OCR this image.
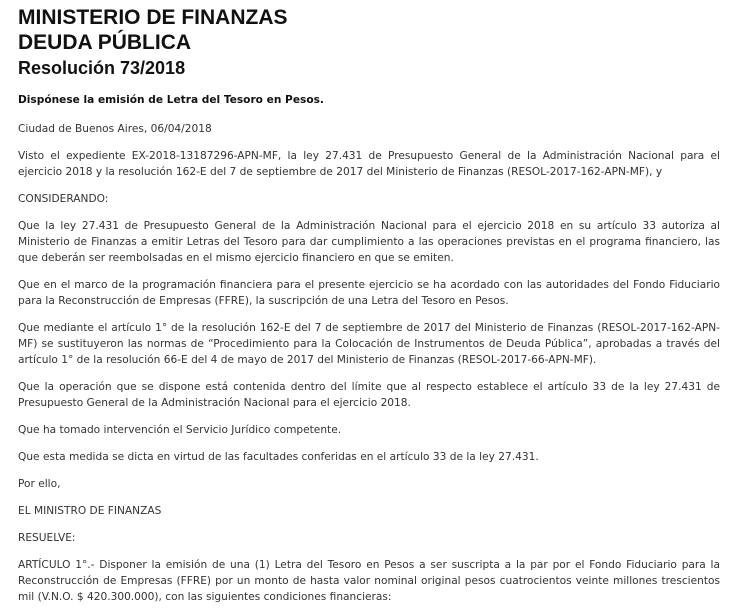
MINISTERIO DE FINANZAS
DEUDA PÚBLICA
Resolución 73/2018

Dispónese la emisión de Letra del Tesoro en Pesos.

Ciudad de Buenos Aires, 06/04/2018

Visto el expediente EX-2018-13187296-APN-MF, la ley 27.431 de Presupuesto General de la Administración Nacional para el ejercicio 2018 y la resolución 162-E del 7 de septiembre de 2017 del Ministerio de Finanzas (RESOL-2017-162-APN-MF), y

CONSIDERANDO:

Que la ley 27.431 de Presupuesto General de la Administración Nacional para el ejercicio 2018 en su artículo 33 autoriza al Ministerio de Finanzas a emitir Letras del Tesoro para dar cumplimiento a las operaciones previstas en el programa financiero, las que deberán ser reembolsadas en el mismo ejercicio financiero en que se emiten.

Que en el marco de la programación financiera para el presente ejercicio se ha acordado con las autoridades del Fondo Fiduciario para la Reconstrucción de Empresas (FFRE), la suscripción de una Letra del Tesoro en Pesos.

Que mediante el artículo 1° de la resolución 162-E del 7 de septiembre de 2017 del Ministerio de Finanzas (RESOL-2017-162-APN-MF) se sustituyeron las normas de “Procedimiento para la Colocación de Instrumentos de Deuda Pública”, aprobadas a través del artículo 1° de la resolución 66-E del 4 de mayo de 2017 del Ministerio de Finanzas (RESOL-2017-66-APN-MF).

Que la operación que se dispone está contenida dentro del límite que al respecto establece el artículo 33 de la ley 27.431 de Presupuesto General de la Administración Nacional para el ejercicio 2018.

Que ha tomado intervención el Servicio Jurídico competente.

Que esta medida se dicta en virtud de las facultades conferidas en el artículo 33 de la ley 27.431.

Por ello,

EL MINISTRO DE FINANZAS

RESUELVE:

ARTÍCULO 1°.- Disponer la emisión de una (1) Letra del Tesoro en Pesos a ser suscripta a la par por el Fondo Fiduciario para la Reconstrucción de Empresas (FFRE) por un monto de hasta valor nominal original pesos cuatrocientos veinte millones trescientos mil (V.N.O. $ 420.300.000), con las siguientes condiciones financieras:
